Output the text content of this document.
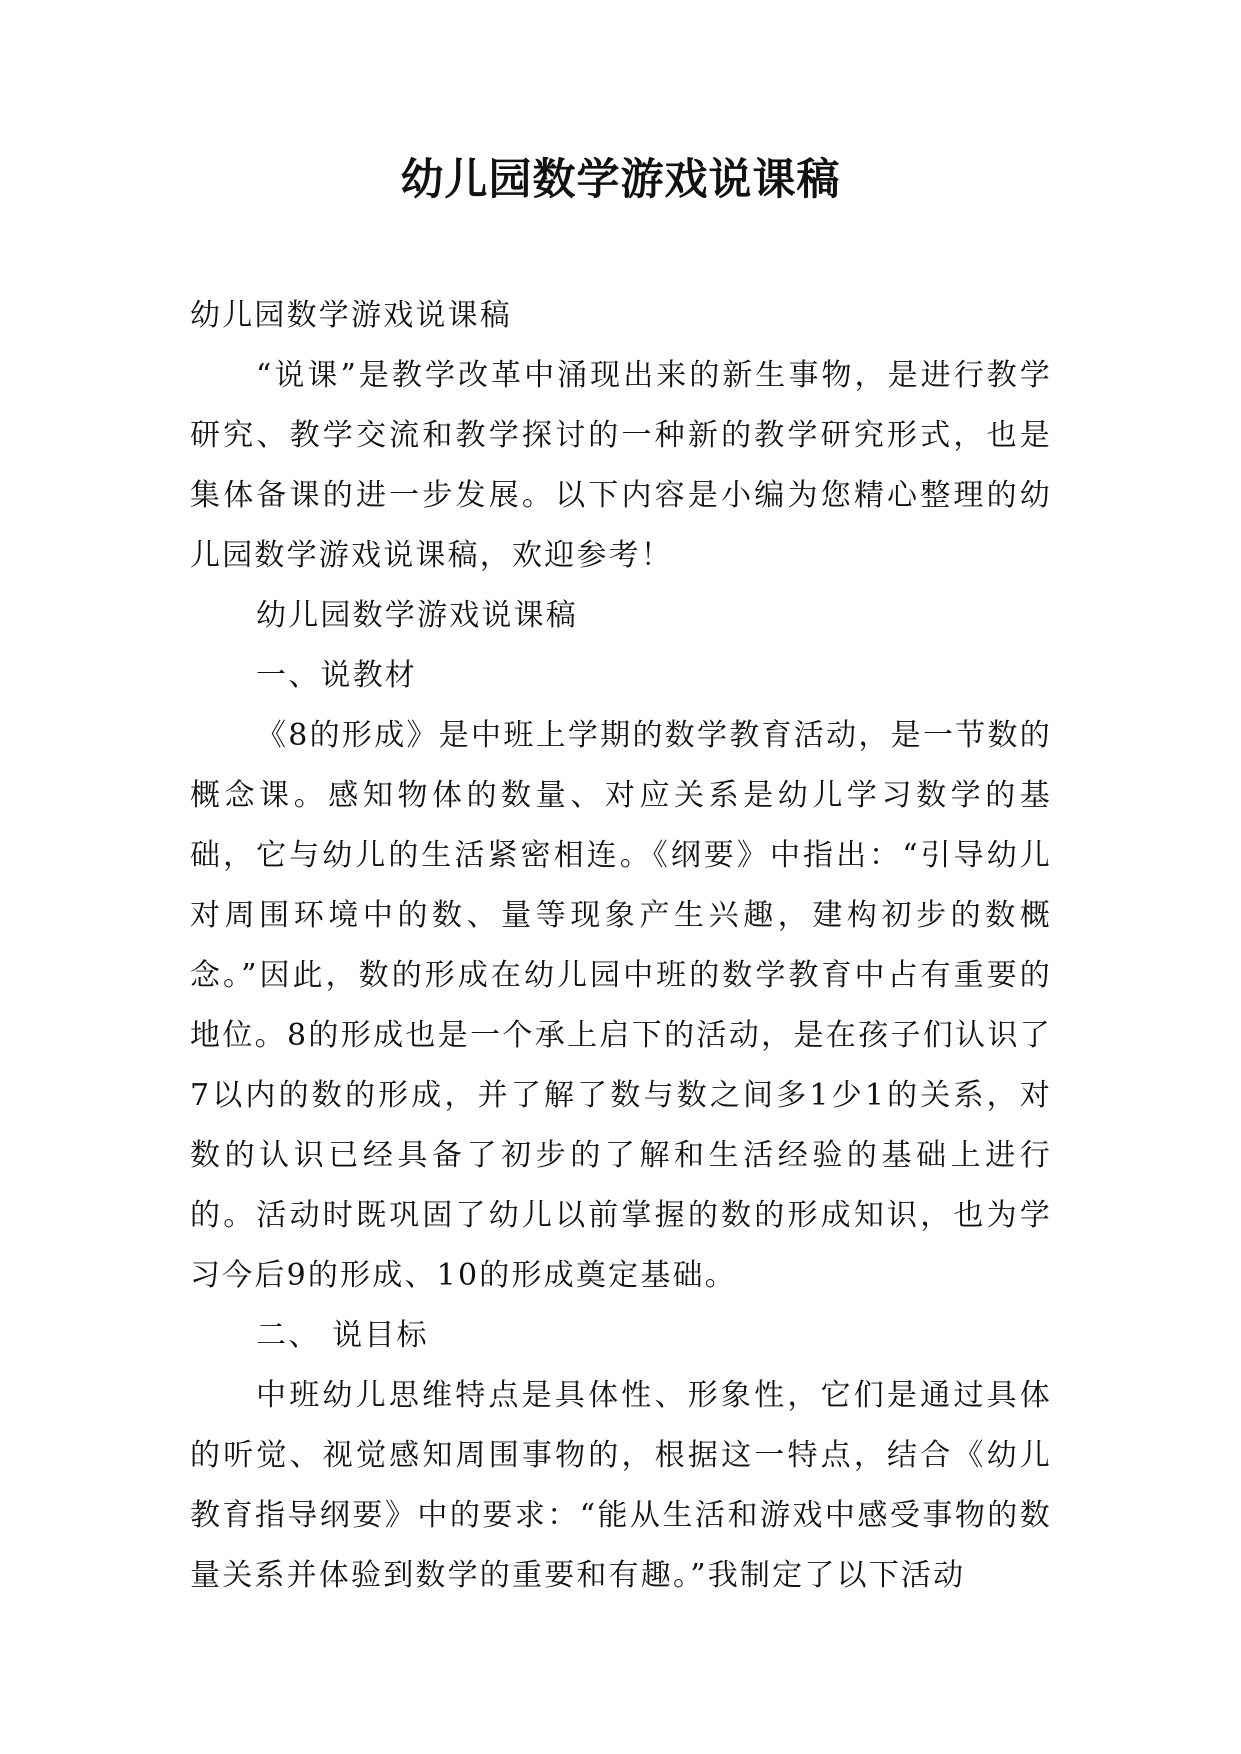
幼儿园数学游戏说课稿

幼儿园数学游戏说课稿

“说课”是教学改革中涌现出来的新生事物，是进行教学研究、教学交流和教学探讨的一种新的教学研究形式，也是集体备课的进一步发展。以下内容是小编为您精心整理的幼儿园数学游戏说课稿，欢迎参考！

幼儿园数学游戏说课稿

一、说教材

《8的形成》是中班上学期的数学教育活动，是一节数的概念课。感知物体的数量、对应关系是幼儿学习数学的基础，它与幼儿的生活紧密相连。《纲要》中指出：“引导幼儿对周围环境中的数、量等现象产生兴趣，建构初步的数概念。”因此，数的形成在幼儿园中班的数学教育中占有重要的地位。8的形成也是一个承上启下的活动，是在孩子们认识了7以内的数的形成，并了解了数与数之间多1少1的关系，对数的认识已经具备了初步的了解和生活经验的基础上进行的。活动时既巩固了幼儿以前掌握的数的形成知识，也为学习今后9的形成、10的形成奠定基础。

二、 说目标

中班幼儿思维特点是具体性、形象性，它们是通过具体的听觉、视觉感知周围事物的，根据这一特点，结合《幼儿教育指导纲要》中的要求：“能从生活和游戏中感受事物的数量关系并体验到数学的重要和有趣。”我制定了以下活动
